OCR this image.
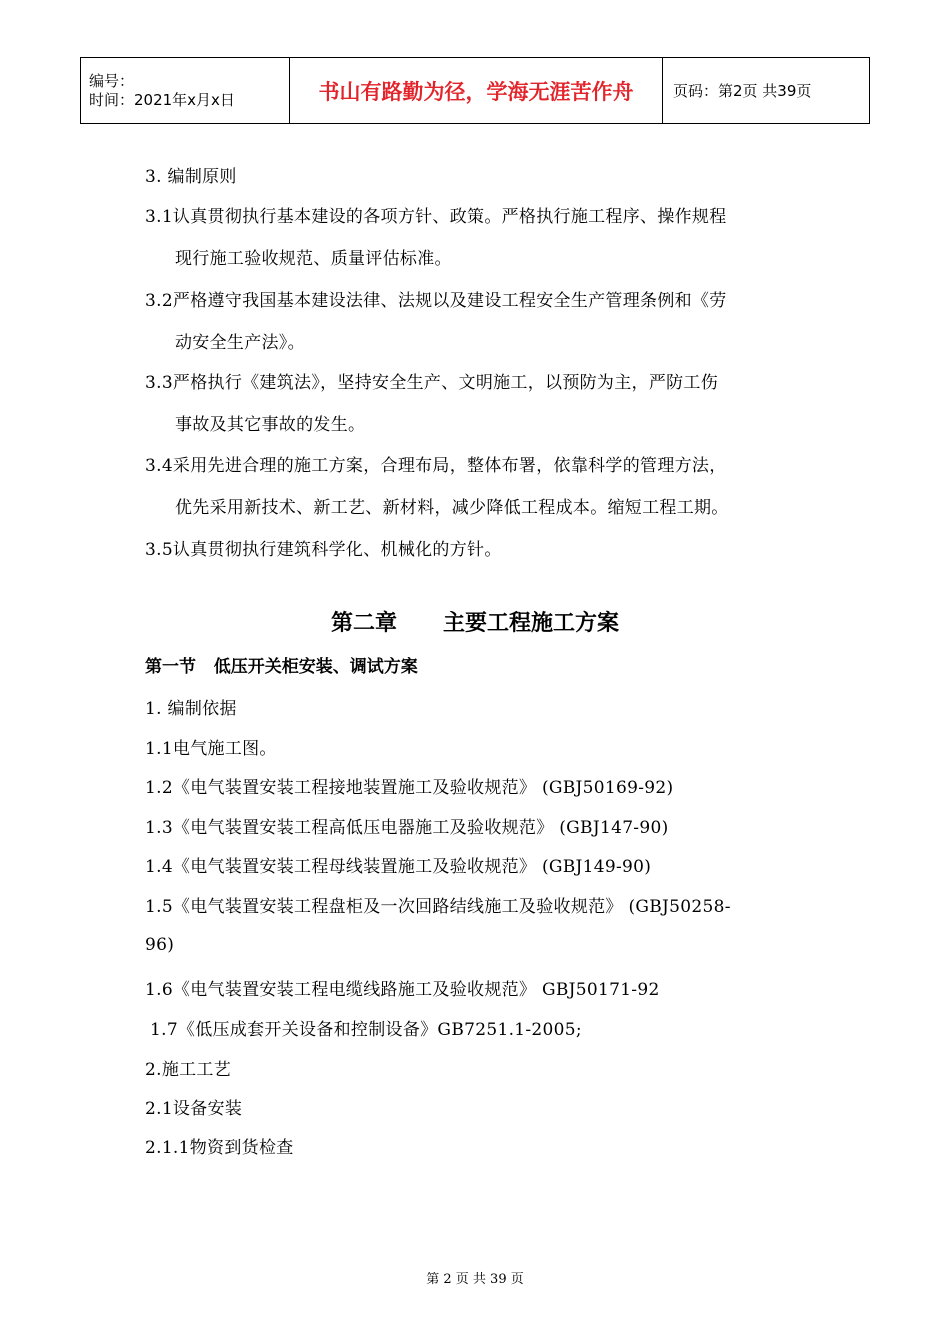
编号：
时间：2021年x月x日	书山有路勤为径，学海无涯苦作舟	页码：第2页 共39页
3. 编制原则
3.1认真贯彻执行基本建设的各项方针、政策。严格执行施工程序、操作规程
现行施工验收规范、质量评估标准。
3.2严格遵守我国基本建设法律、法规以及建设工程安全生产管理条例和《劳
动安全生产法》。
3.3严格执行《建筑法》，坚持安全生产、文明施工，以预防为主，严防工伤
事故及其它事故的发生。
3.4采用先进合理的施工方案，合理布局，整体布署，依靠科学的管理方法，
优先采用新技术、新工艺、新材料，减少降低工程成本。缩短工程工期。
3.5认真贯彻执行建筑科学化、机械化的方针。
第二章      主要工程施工方案
第一节   低压开关柜安装、调试方案
1. 编制依据
1.1电气施工图。
1.2《电气装置安装工程接地装置施工及验收规范》 (GBJ50169-92)
1.3《电气装置安装工程高低压电器施工及验收规范》 (GBJ147-90)
1.4《电气装置安装工程母线装置施工及验收规范》 (GBJ149-90)
1.5《电气装置安装工程盘柜及一次回路结线施工及验收规范》 (GBJ50258-
96)
1.6《电气装置安装工程电缆线路施工及验收规范》 GBJ50171-92
1.7《低压成套开关设备和控制设备》GB7251.1-2005;
2.施工工艺
2.1设备安装
2.1.1物资到货检查
第 2 页 共 39 页
